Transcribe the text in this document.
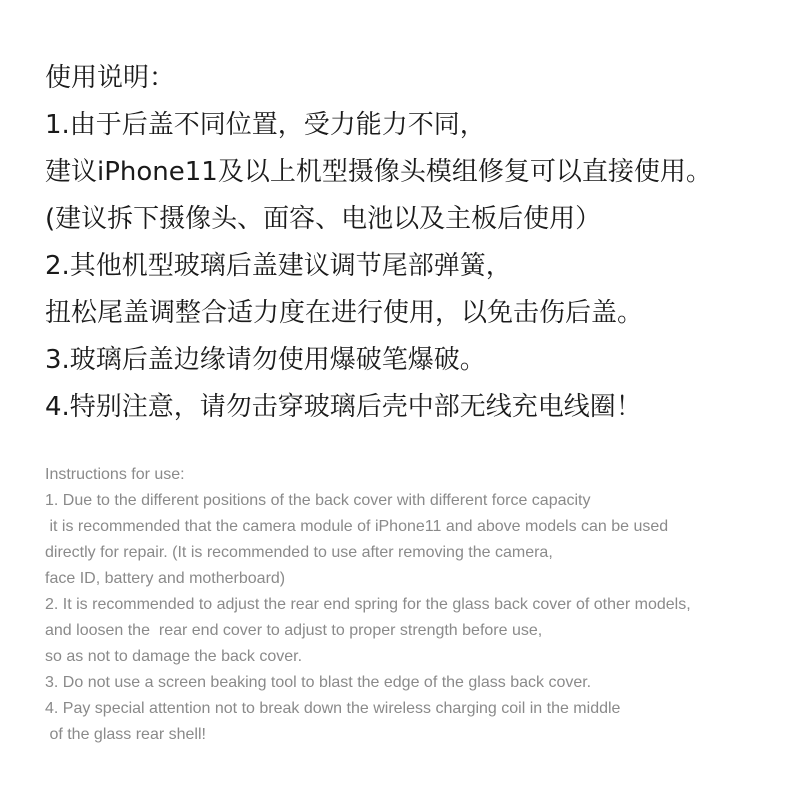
使用说明：
1.由于后盖不同位置，受力能力不同，
建议iPhone11及以上机型摄像头模组修复可以直接使用。
(建议拆下摄像头、面容、电池以及主板后使用）
2.其他机型玻璃后盖建议调节尾部弹簧，
扭松尾盖调整合适力度在进行使用，以免击伤后盖。
3.玻璃后盖边缘请勿使用爆破笔爆破。
4.特别注意，请勿击穿玻璃后壳中部无线充电线圈！
Instructions for use:
1. Due to the different positions of the back cover with different force capacity
it is recommended that the camera module of iPhone11 and above models can be used
directly for repair. (It is recommended to use after removing the camera,
face ID, battery and motherboard)
2. It is recommended to adjust the rear end spring for the glass back cover of other models,
and loosen the  rear end cover to adjust to proper strength before use,
so as not to damage the back cover.
3. Do not use a screen beaking tool to blast the edge of the glass back cover.
4. Pay special attention not to break down the wireless charging coil in the middle
of the glass rear shell!
